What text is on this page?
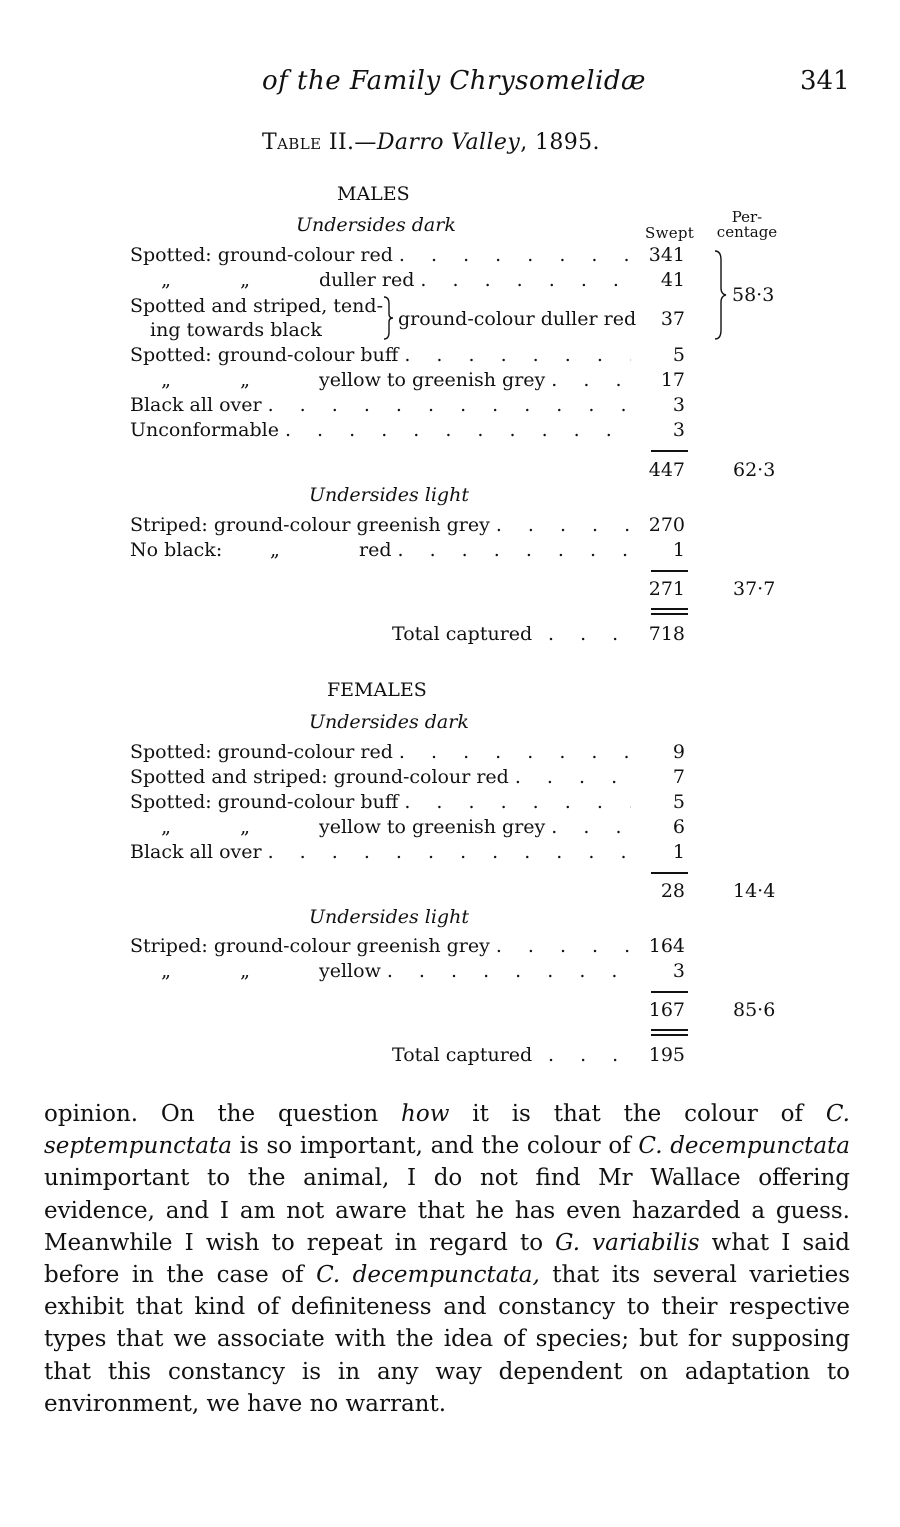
of the Family Chrysomelidæ	341
Table II.—Darro Valley, 1895.
MALES
Undersides dark	Swept
Per-
centage
Spotted: ground-colour red . . .	341
„	„	duller red . . .	41
Spotted and striped, tend-
ing towards black	ground-colour duller red	37
Spotted: ground-colour buff . . .	5
„	„	yellow to greenish grey . . .	17
Black all over . . .	3
Unconformable . . .	3
58·3
447	62·3
Undersides light
Striped: ground-colour greenish grey . . .	270
No black:	„	red . . .	1
271	37·7
Total captured . . .	718
FEMALES
Undersides dark
Spotted: ground-colour red . . .	9
Spotted and striped: ground-colour red . . .	7
Spotted: ground-colour buff . . .	5
„	„	yellow to greenish grey . . .	6
Black all over . . .	1
28	14·4
Undersides light
Striped: ground-colour greenish grey . . .	164
„	„	yellow . . .	3
167	85·6
Total captured . . .	195
opinion. On the question how it is that the colour of C. septempunctata is so important, and the colour of C. decempunctata unimportant to the animal, I do not find Mr Wallace offering evidence, and I am not aware that he has even hazarded a guess. Meanwhile I wish to repeat in regard to G. variabilis what I said before in the case of C. decempunctata, that its several varieties exhibit that kind of definiteness and constancy to their respective types that we associate with the idea of species; but for supposing that this constancy is in any way dependent on adaptation to environment, we have no warrant.
